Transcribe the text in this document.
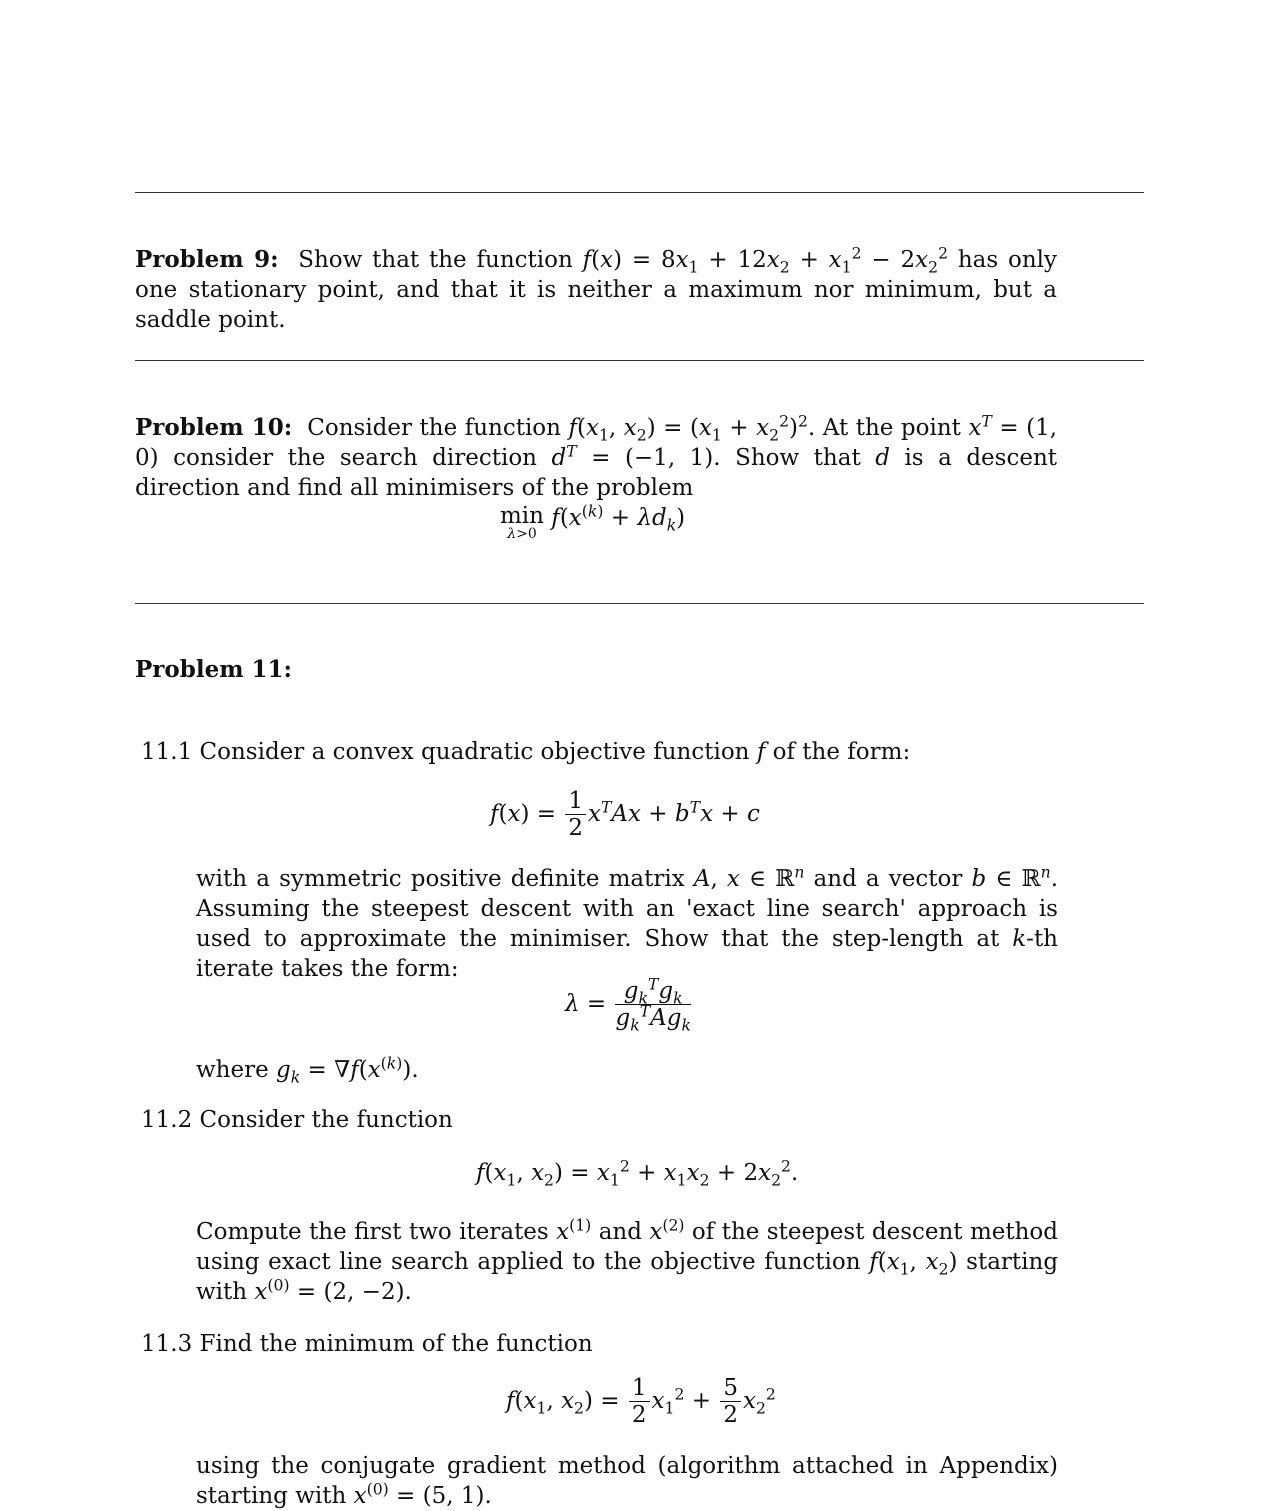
Problem 9: Show that the function $f(x) = 8x_1 + 12x_2 + x_1^2 - 2x_2^2$ has only one stationary point, and that it is neither a maximum nor minimum, but a saddle point.
Problem 10: Consider the function $f(x_1$, $x_2) = (x_1 + x_2^2)^2$. At the point $x^T = (1$, 0) consider the search direction $d^T = (-1$, 1). Show that d is a descent direction and find all minimisers of the problem
min
λ>0
$f(x^{(k)} + \lambda d_k)$
Problem 11:
11.1 Consider a convex quadratic objective function f of the form:
$f(x) = \frac{1}{2} x^TAx + b^Tx + c$
with a symmetric positive definite matrix A, x ∈ ℝ$^n$ and a vector b ∈ ℝ$^n$. Assuming the steepest descent with an 'exact line search' approach is used to approximate the minimiser. Show that the step-length at k-th iterate takes the form:
$\lambda = \frac{g_k^Tg_k}{g_k^TAg_k}$
where $g_k = \nabla f(x^{(k)})$.
11.2 Consider the function
$f(x_1$, $x_2) = x_1^2 + x_1x_2 + 2x_2^2$.
Compute the first two iterates $x^{(1)}$ and $x^{(2)}$ of the steepest descent method using exact line search applied to the objective function $f(x_1$, $x_2$) starting with $x^{(0)} = (2$, −2).
11.3 Find the minimum of the function
$f(x_1$, $x_2) = \frac{1}{2} x_1^2 + \frac{5}{2} x_2^2$
using the conjugate gradient method (algorithm attached in Appendix) starting with $x^{(0)} = (5$, 1).
